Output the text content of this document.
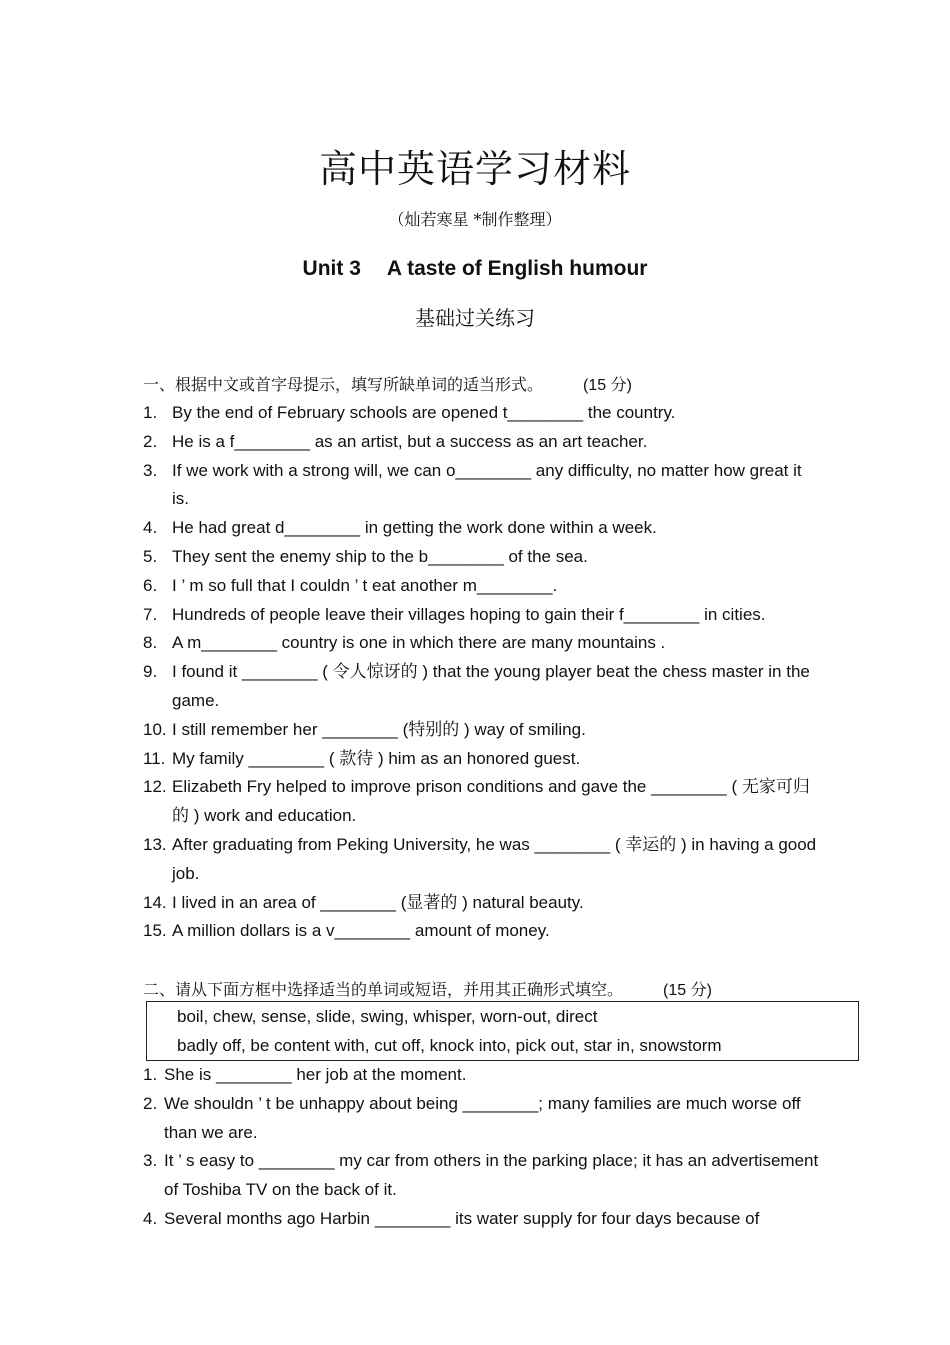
高中英语学习材料
（灿若寒星 *制作整理）
Unit 3 A taste of English humour
基础过关练习
一、根据中文或首字母提示，填写所缺单词的适当形式。	(15 分)
1. By the end of February schools are opened t________ the country.
2. He is a f________ as an artist, but a success as an art teacher.
3. If we work with a strong will, we can o________ any difficulty, no matter how great it is.
4. He had great d________ in getting the work done within a week.
5. They sent the enemy ship to the b________ of the sea.
6. I ’ m so full that I couldn ’ t eat another m________.
7. Hundreds of people leave their villages hoping to gain their f________ in cities.
8. A m________ country is one in which there are many mountains .
9. I found it ________ ( 令人惊讶的 ) that the young player beat the chess master in the game.
10. I still remember her ________ (特别的 ) way of smiling.
11. My family ________ ( 款待 ) him as an honored guest.
12. Elizabeth Fry helped to improve prison conditions and gave the ________ ( 无家可归的 ) work and education.
13. After graduating from Peking University, he was ________ ( 幸运的 ) in having a good job.
14. I lived in an area of ________ (显著的 ) natural beauty.
15. A million dollars is a v________ amount of money.
二、请从下面方框中选择适当的单词或短语，并用其正确形式填空。	(15 分)
boil, chew, sense, slide, swing, whisper, worn-out, direct
badly off, be content with, cut off, knock into, pick out, star in, snowstorm
1. She is ________ her job at the moment.
2. We shouldn ’ t be unhappy about being ________; many families are much worse off than we are.
3. It ’ s easy to ________ my car from others in the parking place; it has an advertisement of Toshiba TV on the back of it.
4. Several months ago Harbin ________ its water supply for four days because of
